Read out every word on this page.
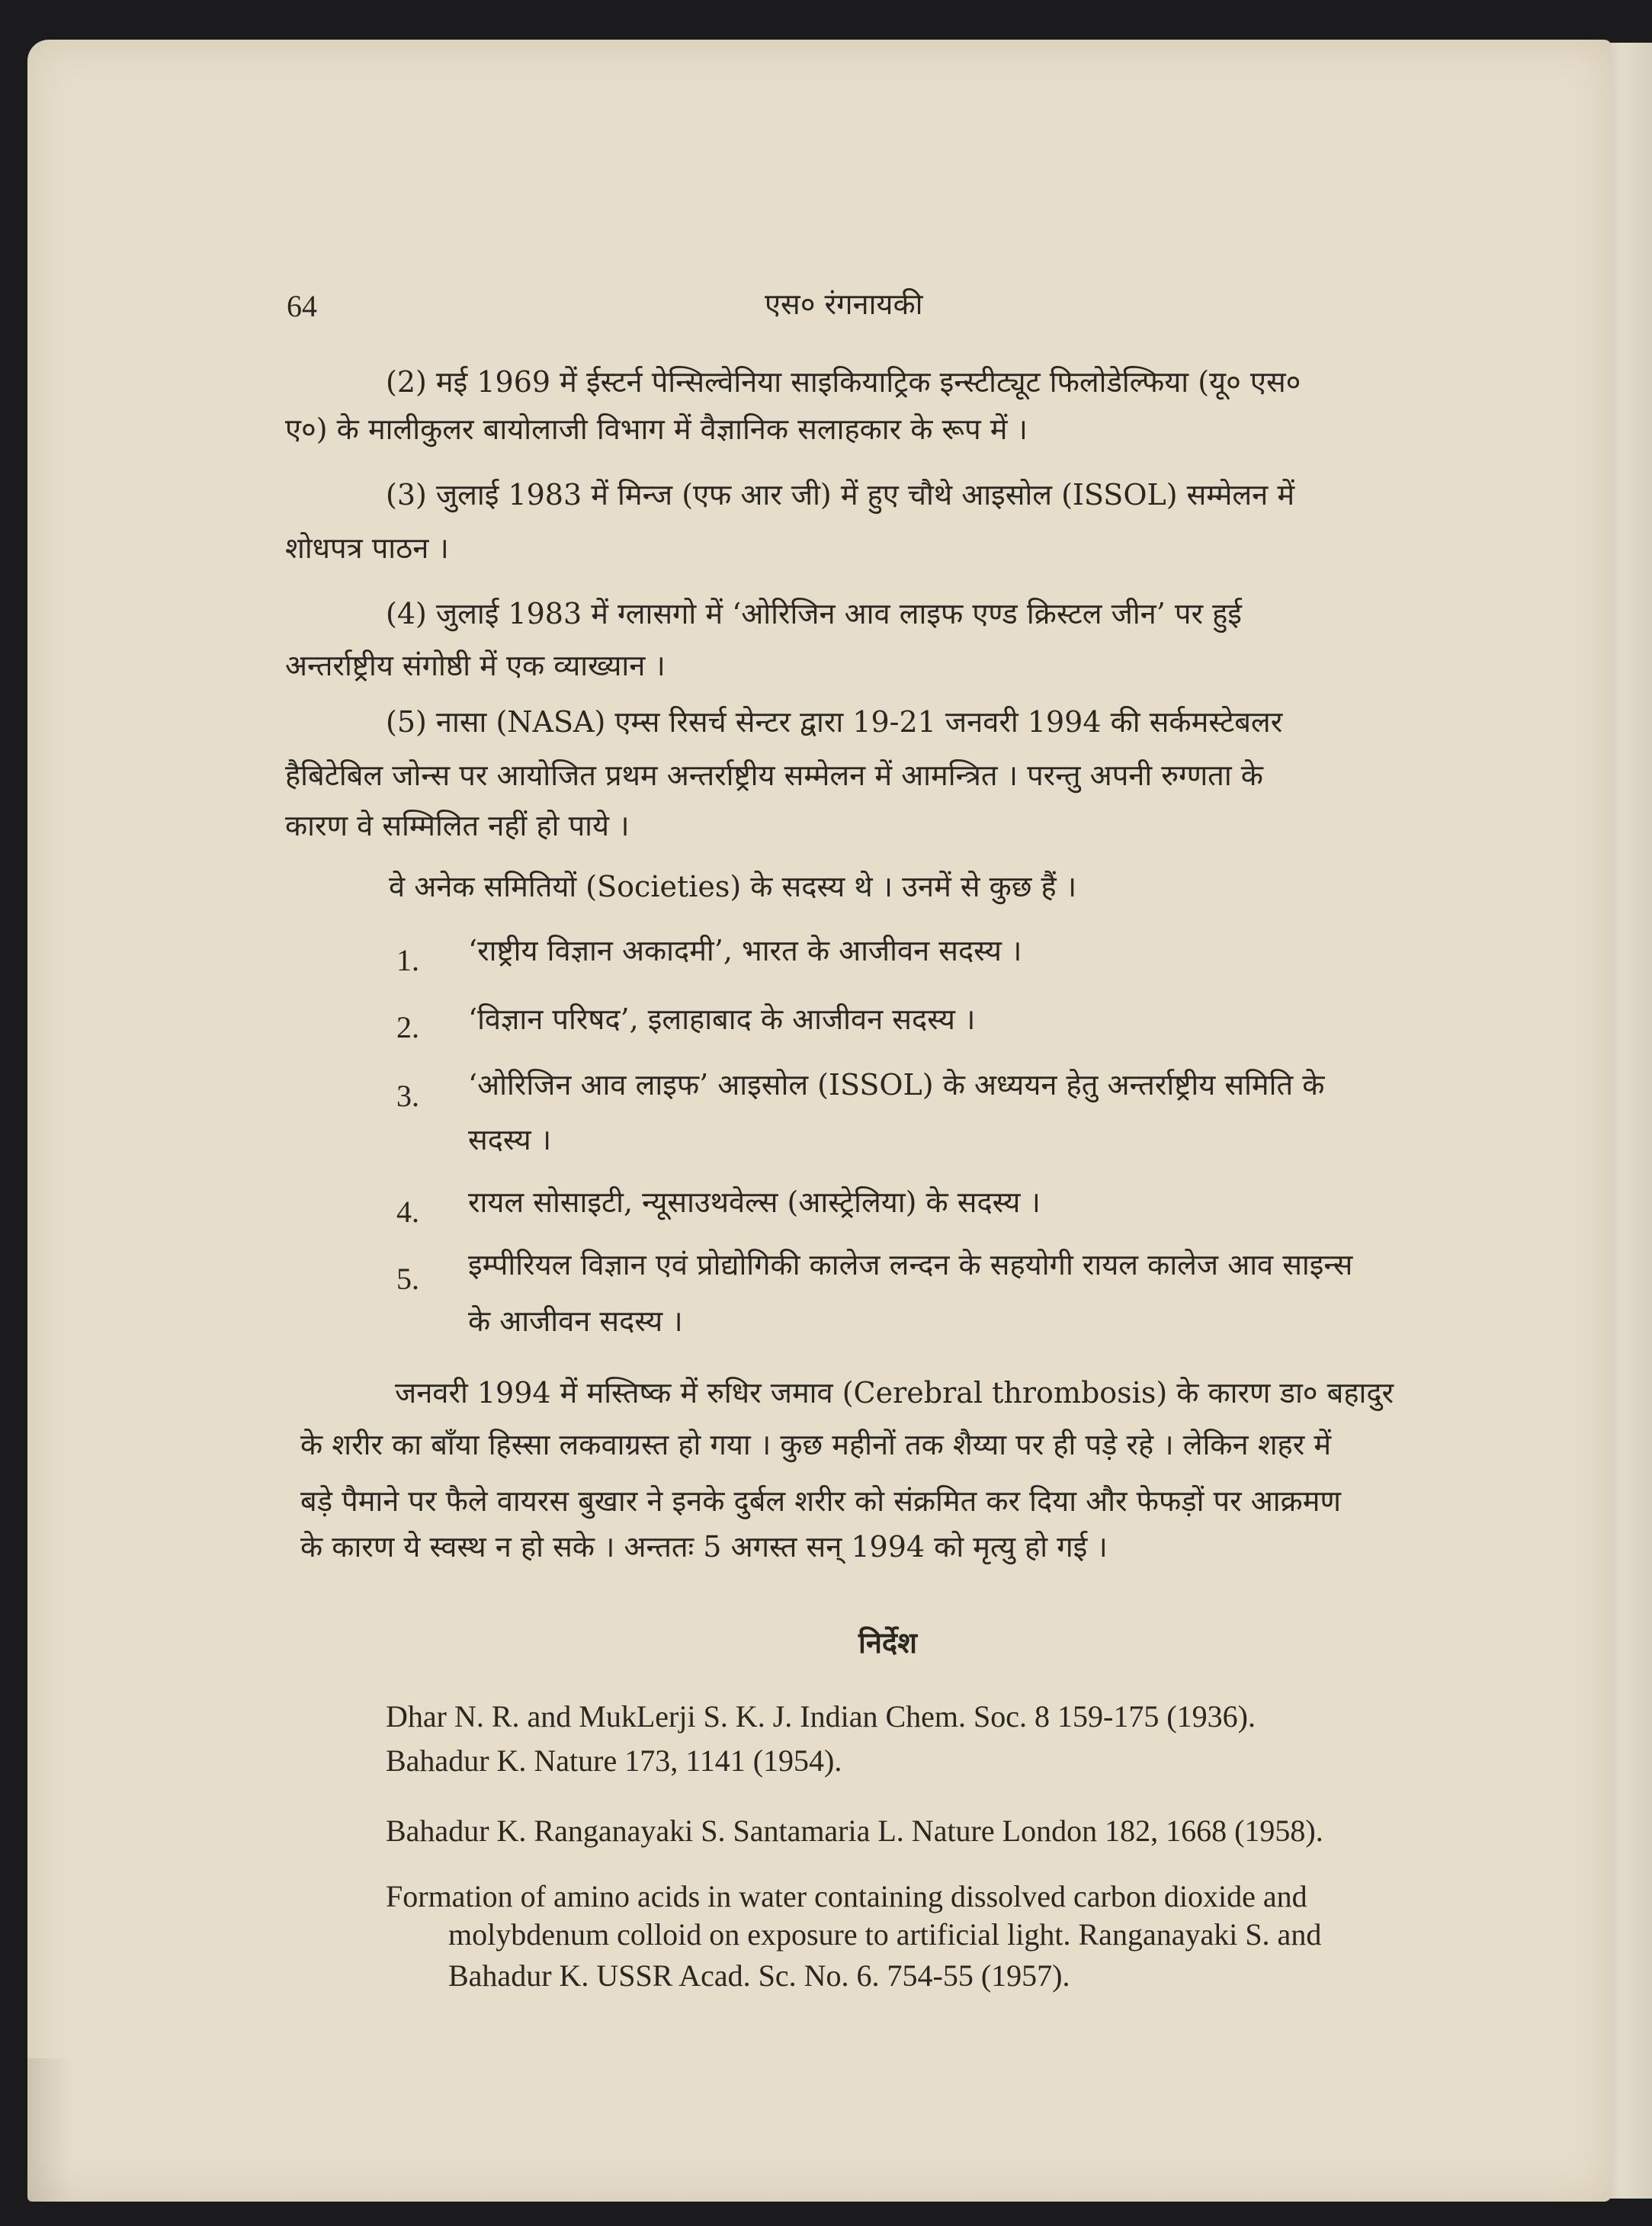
64	एस० रंगनायकी

(2) मई 1969 में ईस्टर्न पेन्सिल्वेनिया साइकियाट्रिक इन्स्टीट्यूट फिलोडेल्फिया (यू० एस०

ए०) के मालीकुलर बायोलाजी विभाग में वैज्ञानिक सलाहकार के रूप में ।

(3) जुलाई 1983 में मिन्ज (एफ आर जी) में हुए चौथे आइसोल (ISSOL) सम्मेलन में

शोधपत्र पाठन ।

(4) जुलाई 1983 में ग्लासगो में ‘ओरिजिन आव लाइफ एण्ड क्रिस्टल जीन’ पर हुई

अन्तर्राष्ट्रीय संगोष्ठी में एक व्याख्यान ।

(5) नासा (NASA) एम्स रिसर्च सेन्टर द्वारा 19-21 जनवरी 1994 की सर्कमस्टेबलर

हैबिटेबिल जोन्स पर आयोजित प्रथम अन्तर्राष्ट्रीय सम्मेलन में आमन्त्रित । परन्तु अपनी रुग्णता के

कारण वे सम्मिलित नहीं हो पाये ।

वे अनेक समितियों (Societies) के सदस्य थे । उनमें से कुछ हैं ।

1. ‘राष्ट्रीय विज्ञान अकादमी’, भारत के आजीवन सदस्य ।

2. ‘विज्ञान परिषद’, इलाहाबाद के आजीवन सदस्य ।

3. ‘ओरिजिन आव लाइफ’ आइसोल (ISSOL) के अध्ययन हेतु अन्तर्राष्ट्रीय समिति के

सदस्य ।

4. रायल सोसाइटी, न्यूसाउथवेल्स (आस्ट्रेलिया) के सदस्य ।

5. इम्पीरियल विज्ञान एवं प्रोद्योगिकी कालेज लन्दन के सहयोगी रायल कालेज आव साइन्स

के आजीवन सदस्य ।

जनवरी 1994 में मस्तिष्क में रुधिर जमाव (Cerebral thrombosis) के कारण डा० बहादुर

के शरीर का बाँया हिस्सा लकवाग्रस्त हो गया । कुछ महीनों तक शैय्या पर ही पड़े रहे । लेकिन शहर में

बड़े पैमाने पर फैले वायरस बुखार ने इनके दुर्बल शरीर को संक्रमित कर दिया और फेफड़ों पर आक्रमण

के कारण ये स्वस्थ न हो सके । अन्ततः 5 अगस्त सन् 1994 को मृत्यु हो गई ।

निर्देश

Dhar N. R. and MukLerji S. K. J. Indian Chem. Soc. 8 159-175 (1936).

Bahadur K. Nature 173, 1141 (1954).

Bahadur K. Ranganayaki S. Santamaria L. Nature London 182, 1668 (1958).

Formation of amino acids in water containing dissolved carbon dioxide and

molybdenum colloid on exposure to artificial light. Ranganayaki S. and

Bahadur K. USSR Acad. Sc. No. 6. 754-55 (1957).
